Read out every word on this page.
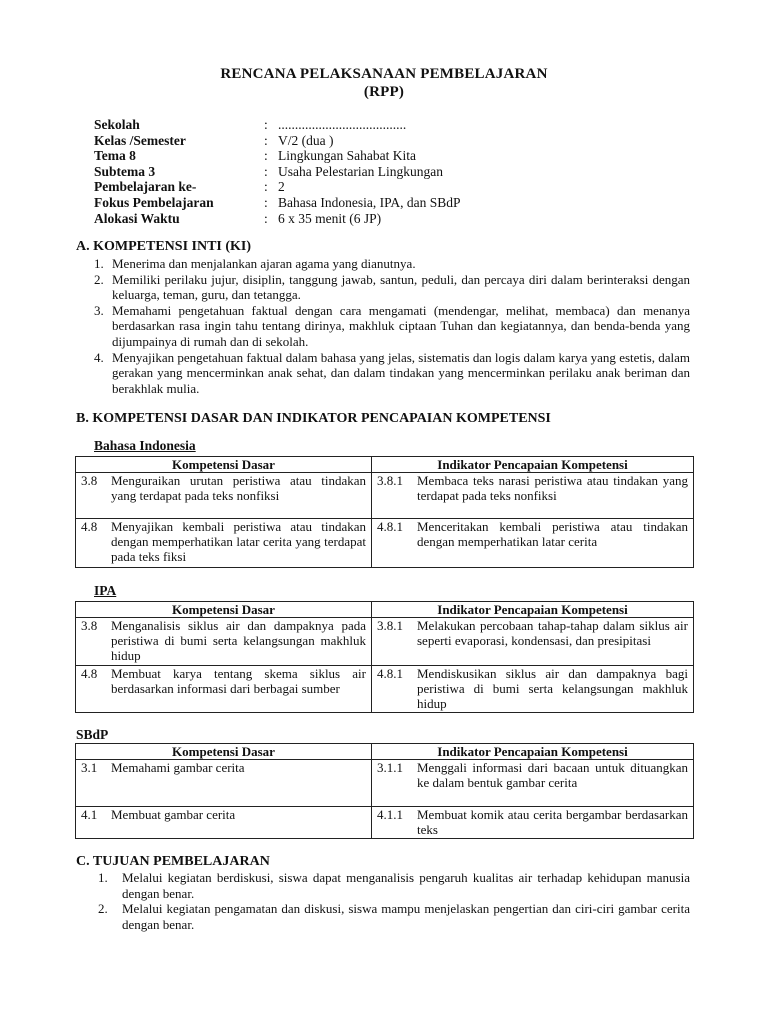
RENCANA PELAKSANAAN PEMBELAJARAN
(RPP)
Sekolah	: ......................................
Kelas /Semester	: V/2 (dua )
Tema 8	: Lingkungan Sahabat Kita
Subtema 3	: Usaha Pelestarian Lingkungan
Pembelajaran ke-	: 2
Fokus Pembelajaran	: Bahasa Indonesia, IPA, dan SBdP
Alokasi Waktu	: 6 x 35 menit (6 JP)
A. KOMPETENSI INTI (KI)
1. Menerima dan menjalankan ajaran agama yang dianutnya.
2. Memiliki perilaku jujur, disiplin, tanggung jawab, santun, peduli, dan percaya diri dalam berinteraksi dengan keluarga, teman, guru, dan tetangga.
3. Memahami pengetahuan faktual dengan cara mengamati (mendengar, melihat, membaca) dan menanya berdasarkan rasa ingin tahu tentang dirinya, makhluk ciptaan Tuhan dan kegiatannya, dan benda-benda yang dijumpainya di rumah dan di sekolah.
4. Menyajikan pengetahuan faktual dalam bahasa yang jelas, sistematis dan logis dalam karya yang estetis, dalam gerakan yang mencerminkan anak sehat, dan dalam tindakan yang mencerminkan perilaku anak beriman dan berakhlak mulia.
B. KOMPETENSI DASAR DAN INDIKATOR PENCAPAIAN KOMPETENSI
Bahasa Indonesia
Kompetensi Dasar	Indikator Pencapaian Kompetensi

3.8 Menguraikan urutan peristiwa atau tindakan yang terdapat pada teks nonfiksi	3.8.1 Membaca teks narasi peristiwa atau tindakan yang terdapat pada teks nonfiksi

4.8 Menyajikan kembali peristiwa atau tindakan dengan memperhatikan latar cerita yang terdapat pada teks fiksi	4.8.1 Menceritakan kembali peristiwa atau tindakan dengan memperhatikan latar cerita
IPA
Kompetensi Dasar	Indikator Pencapaian Kompetensi

3.8 Menganalisis siklus air dan dampaknya pada peristiwa di bumi serta kelangsungan makhluk hidup	3.8.1 Melakukan percobaan tahap-tahap dalam siklus air seperti evaporasi, kondensasi, dan presipitasi

4.8 Membuat karya tentang skema siklus air berdasarkan informasi dari berbagai sumber	4.8.1 Mendiskusikan siklus air dan dampaknya bagi peristiwa di bumi serta kelangsungan makhluk hidup
SBdP
Kompetensi Dasar	Indikator Pencapaian Kompetensi

3.1 Memahami gambar cerita	3.1.1 Menggali informasi dari bacaan untuk dituangkan ke dalam bentuk gambar cerita

4.1 Membuat gambar cerita	4.1.1 Membuat komik atau cerita bergambar berdasarkan teks
C. TUJUAN PEMBELAJARAN
1. Melalui kegiatan berdiskusi, siswa dapat menganalisis pengaruh kualitas air terhadap kehidupan manusia dengan benar.
2. Melalui kegiatan pengamatan dan diskusi, siswa mampu menjelaskan pengertian dan ciri-ciri gambar cerita dengan benar.
